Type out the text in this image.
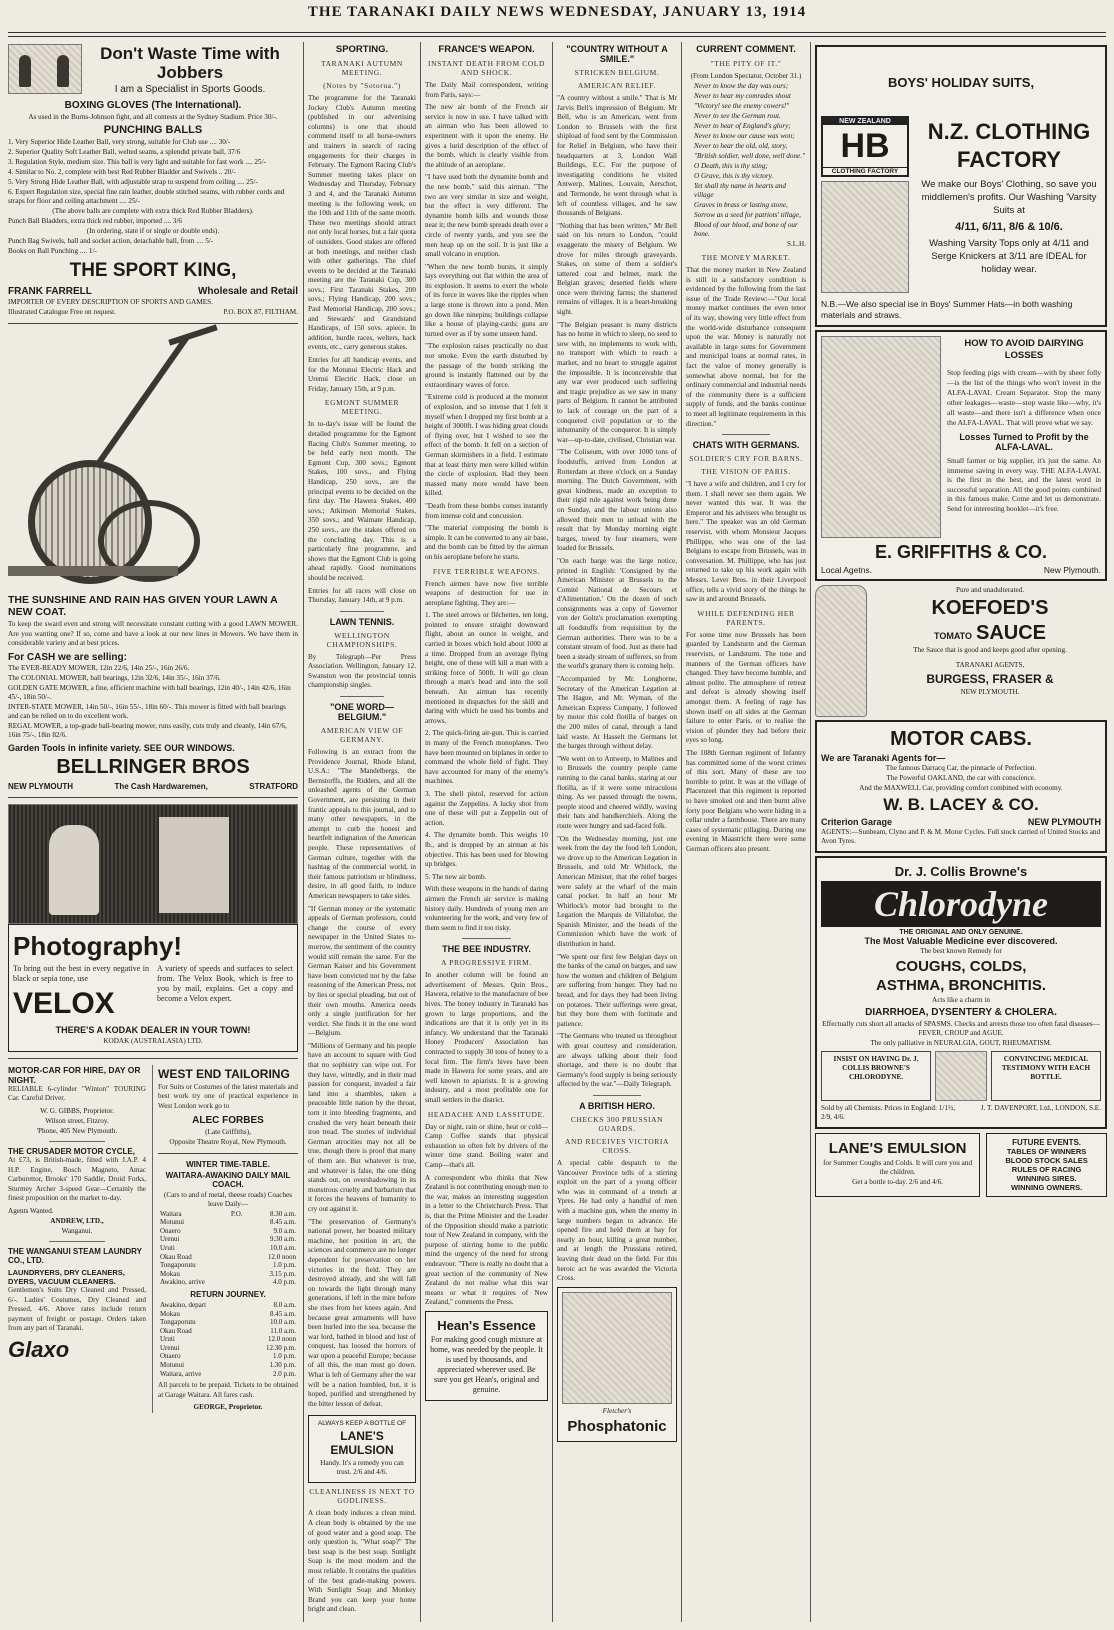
THE TARANAKI DAILY NEWS WEDNESDAY, JANUARY 13, 1914
Don't Waste Time with Jobbers
I am a Specialist in Sports Goods.
BOXING GLOVES (The International).
As used in the Burns-Johnson fight, and all contests at the Sydney Stadium. Price 30/-.
PUNCHING BALLS
1. Very Superior Hide Leather Ball, very strong, suitable for Club use .... 30/-
2. Superior Quality Soft Leather Ball, welted seams, a splendid private ball, 37/6
3. Regulation Style, medium size. This ball is very light and suitable for fast work .... 25/-
4. Similar to No. 2, complete with best Red Rubber Bladder and Swivels .. 20/-
5. Very Strong Hide Leather Ball, with adjustable strap to suspend from ceiling .... 25/-
6. Expert Regulation size, special fine rain leather, double stitched seams, with rubber cords and straps for floor and ceiling attachment .... 25/-
(The above balls are complete with extra thick Red Rubber Bladders).
Punch Ball Bladders, extra thick red rubber, imported .... 3/6
(In ordering, state if or single or double ends).
Punch Bag Swivels, ball and socket action, detachable ball, from .... 5/-
Books on Ball Punching .... 1/-
THE SPORT KING,
FRANK FARRELL	Wholesale and Retail
IMPORTER OF EVERY DESCRIPTION OF SPORTS AND GAMES.
Illustrated Catalogue Free on request.	P.O. BOX 87, FILTHAM.
THE SUNSHINE AND RAIN HAS GIVEN YOUR LAWN A NEW COAT.
To keep the sward even and strong will necessitate constant cutting with a good LAWN MOWER. Are you wanting one? If so, come and have a look at our new lines in Mowers. We have them in considerable variety and at best prices.
For CASH we are selling:
The EVER-READY MOWER, 12in 22/6, 14in 25/-, 16in 26/6.
The COLONIAL MOWER, ball bearings, 12in 32/6, 14in 35/-, 16in 37/6.
GOLDEN GATE MOWER, a fine, efficient machine with ball bearings, 12in 40/-, 14in 42/6, 16in 45/-, 18in 50/-.
INTER-STATE MOWER, 14in 50/-, 16in 55/-, 18in 60/-. This mower is fitted with ball bearings and can be relied on to do excellent work.
REGAL MOWER, a top-grade ball-bearing mower, runs easily, cuts truly and cleanly, 14in 67/6, 16in 75/-, 18in 82/6.
Garden Tools in infinite variety. SEE OUR WINDOWS.
BELLRINGER BROS
NEW PLYMOUTH	The Cash Hardwaremen,	STRATFORD
Photography!
To bring out the best in every negative in black or sepia tone, use
VELOX
A variety of speeds and surfaces to select from. The Velox Book, which is free to you by mail, explains. Get a copy and become a Velox expert.
THERE'S A KODAK DEALER IN YOUR TOWN!
KODAK (AUSTRALASIA) LTD.
MOTOR-CAR FOR HIRE, DAY OR NIGHT.
RELIABLE 6-cylinder "Winton" TOURING Car. Careful Driver.
W. G. GIBBS, Proprietor.
Wilson street, Fitzroy.
'Phone, 405 New Plymouth.
THE CRUSADER MOTOR CYCLE,
At £73, is British-made, fitted with J.A.P. 4 H.P. Engine, Bosch Magneto, Amac Carburettor, Brooks' 170 Saddle, Druid Forks, Sturmey Archer 3-speed Gear—Certainly the finest proposition on the market to-day.
Agents Wanted.
ANDREW, LTD.,
Wanganui.
THE WANGANUI STEAM LAUNDRY CO., LTD.
LAUNDRYERS, DRY CLEANERS, DYERS, VACUUM CLEANERS.
Gentlemen's Suits Dry Cleaned and Pressed, 6/-. Ladies' Costumes, Dry Cleaned and Pressed, 4/6. Above rates include return payment of freight or postage. Orders taken from any part of Taranaki.
Glaxo
WEST END TAILORING
For Suits or Costumes of the latest materials and best work try one of practical experience in West London work go to
ALEC FORBES
(Late Griffiths),
Opposite Theatre Royal, New Plymouth.
WINTER TIME-TABLE.
WAITARA-AWAKINO DAILY MAIL COACH.
(Cars to and of metal, theese roads) Coaches leave Daily—
Waitara	P.O.	8.30 a.m.
Motunui		8.45 a.m.
Onaero		9.0 a.m.
Urenui		9.30 a.m.
Uruti		10.0 a.m.
Okau Road		12.0 noon
Tongaporutu		1.0 p.m.
Mokau		3.15 p.m.
Awakino, arrive		4.0 p.m.
RETURN JOURNEY.
Awakino, depart		8.0 a.m.
Mokau		8.45 a.m.
Tongaporutu		10.0 a.m.
Okau Road		11.0 a.m.
Uruti		12.0 noon
Urenui		12.30 p.m.
Onaero		1.0 p.m.
Motunui		1.30 p.m.
Waitara, arrive		2.0 p.m.
All parcels to be prepaid. Tickets to be obtained at Garage Waitara. All fares cash.
GEORGE, Proprietor.
SPORTING.
TARANAKI AUTUMN MEETING.
(Notes by "Sotorua.")

The programme for the Taranaki Jockey Club's Autumn meeting (published in our advertising columns) is one that should commend itself to all horse-owners and trainers in search of racing engagements for their charges in February. The Egmont Racing Club's Summer meeting takes place on Wednesday and Thursday, February 3 and 4, and the Taranaki Autumn meeting is the following week, on the 10th and 11th of the same month. These two meetings should attract not only local horses, but a fair quota of outsiders. Good stakes are offered at both meetings, and neither clash with other gatherings. The chief events to be decided at the Taranaki meeting are the Taranaki Cup, 300 sovs.; First Taranaki Stakes, 200 sovs.; Flying Handicap, 200 sovs.; Paul Memorial Handicap, 200 sovs.; and Stewards' and Grandstand Handicaps, of 150 sovs. apiece. In addition, hurdle races, welters, hack events, etc., carry generous stakes.

Entries for all handicap events, and for the Motunui Electric Hack and Urenui Electric Hack, close on Friday, January 15th, at 9 p.m.

EGMONT SUMMER MEETING.

In to-day's issue will be found the detailed programme for the Egmont Racing Club's Summer meeting, to be held early next month. The Egmont Cup, 300 sovs.; Egmont Stakes, 100 sovs., and Flying Handicap, 250 sovs., are the principal events to be decided on the first day. The Hawera Stakes, 400 sovs.; Atkinson Memorial Stakes, 350 sovs.; and Waimate Handicap, 250 sovs., are the stakes offered on the concluding day. This is a particularly fine programme, and shows that the Egmont Club is going ahead rapidly. Good nominations should be received.

Entries for all races will close on Thursday, January 14th, at 9 p.m.

LAWN TENNIS.
WELLINGTON CHAMPIONSHIPS.

By Telegraph—Per Press Association. Wellington, January 12. Swanston won the provincial tennis championship singles.

"ONE WORD—BELGIUM."
AMERICAN VIEW OF GERMANY.

Following is an extract from the Providence Journal, Rhode Island, U.S.A.: "The Mandelbergs, the Bernstorffs, the Ridders, and all the unleashed agents of the German Government, are persisting in their frantic appeals to this journal, and to many other newspapers, in the attempt to curb the honest and heartfelt indignation of the American people. These representatives of German culture, together with the hashtag of the commercial world, in their famous patriotism or blindness, desire, in all good faith, to induce American newspapers to take sides.

"If German money or the systematic appeals of German professors, could change the course of every newspaper in the United States to-morrow, the sentiment of the country would still remain the same. For the German Kaiser and his Government have been convicted not by the false reasoning of the American Press, not by lies or special pleading, but out of their own mouths. America needs only a single justification for her verdict. She finds it in the one word—Belgium.

"Millions of Germany and his people have an account to square with God that no sophistry can wipe out. For they have, wittedly, and in their mad passion for conquest, invaded a fair land into a shambles, taken a peaceable little nation by the throat, torn it into bleeding fragments, and crushed the very heart beneath their iron tread. The stories of individual German atrocities may not all be true, though there is proof that many of them are. But whatever is true, and whatever is false, the one thing stands out, on overshadowing in its monstrous cruelty and barbarism that it forces the heavens of humanity to cry out against it.

"The preservation of Germany's national power, her boasted military machine, her position in art, the sciences and commerce are no longer dependent for preservation on her victories in the field. They are destroyed already, and she will fall on towards the light through many generations, if left in the mire before she rises from her knees again. And because great armaments will have been hurled into the sea, because the war lord, bathed in blood and lust of conquest, has loosed the horrors of war upon a peaceful Europe; because of all this, the man must go down. What is left of Germany after the war will be a nation humbled, but, it is hoped, purified and strengthened by the bitter lesson of defeat.

ALWAYS KEEP A BOTTLE OF
LANE'S EMULSION
Handy. It's a remedy you can trust. 2/6 and 4/6.
CLEANLINESS IS NEXT TO GODLINESS.

A clean body induces a clean mind. A clean body is obtained by the use of good water and a good soap. The only question is, "What soap?" The best soap is the best soap. Sunlight Soap is the most modern and the most reliable. It contains the qualities of the best grade-making powers. With Sunlight Soap and Monkey Brand you can keep your home bright and clean.

FRANCE'S WEAPON.
INSTANT DEATH FROM COLD AND SHOCK.

The Daily Mail correspondent, writing from Paris, says:—

The new air bomb of the French air service is now in use. I have talked with an airman who has been allowed to experiment with it upon the enemy. He gives a lurid description of the effect of the bomb, which is clearly visible from the altitude of an aeroplane.

"I have used both the dynamite bomb and the new bomb," said this airman. "The two are very similar in size and weight, but the effect is very different. The dynamite bomb kills and wounds those near it; the new bomb spreads death over a circle of twenty yards, and you see the men heap up on the soil. It is just like a small volcano in eruption.

"When the new bomb bursts, it simply lays everything out flat within the area of its explosion. It seems to exert the whole of its force in waves like the ripples when a large stone is thrown into a pond. Men go down like ninepins; buildings collapse like a house of playing-cards; guns are turned over as if by some unseen hand.

"The explosion raises practically no dust nor smoke. Even the earth disturbed by the passage of the bomb striking the ground is instantly flattened out by the extraordinary waves of force.

"Extreme cold is produced at the moment of explosion, and so intense that I felt it myself when I dropped my first bomb at a height of 3000ft. I was hiding great clouds of flying over, but I wished to see the effect of the bomb. It fell on a section of German skirmishers in a field. I estimate that at least thirty men were killed within the circle of explosion. Had they been massed many more would have been killed.

"Death from these bombs comes instantly from intense cold and concussion.

"The material composing the bomb is simple. It can be converted to any air base, and the bomb can be fitted by the airman on his aeroplane before he starts.

FIVE TERRIBLE WEAPONS.

French airmen have now five terrible weapons of destruction for use in aeroplane fighting. They are:—

1. The steel arrows or fléchettes, ten long, pointed to ensure straight downward flight, about an ounce in weight, and carried in boxes which hold about 1000 at a time. Dropped from an average flying height, one of these will kill a man with a striking force of 500ft. It will go clean through a man's head and into the soil beneath. An airman has recently mentioned in dispatches for the skill and daring with which he used his bombs and arrows.

2. The quick-firing air-gun. This is carried in many of the French monoplanes. Two have been mounted on biplanes in order to command the whole field of fight. They have accounted for many of the enemy's machines.

3. The shell pistol, reserved for action against the Zeppelins. A lucky shot from one of these will put a Zeppelin out of action.

4. The dynamite bomb. This weighs 10 lb., and is dropped by an airman at his objective. This has been used for blowing up bridges.

5. The new air bomb.

With these weapons in the hands of daring airmen the French air service is making history daily. Hundreds of young men are volunteering for the work, and very few of them seem to find it too risky.

THE BEE INDUSTRY.
A PROGRESSIVE FIRM.

In another column will be found an advertisement of Messrs. Quin Bros., Hawera, relative to the manufacture of bee hives. The honey industry in Taranaki has grown to large proportions, and the indications are that it is only yet in its infancy. We understand that the Taranaki Honey Producers' Association has contracted to supply 30 tons of honey to a local firm. The firm's hives have been made in Hawera for some years, and are well known to apiarists. It is a growing industry, and a most profitable one for small settlers in the district.

HEADACHE AND LASSITUDE.

Day or night, rain or shine, heat or cold—Camp Coffee stands that physical exhaustion so often felt by drivers of the winter time stand. Boiling water and Camp—that's all.

A correspondent who thinks that New Zealand is not contributing enough men to the war, makes an interesting suggestion in a letter to the Christchurch Press. That is, that the Prime Minister and the Leader of the Opposition should make a patriotic tour of New Zealand in company, with the purpose of stirring home to the public mind the urgency of the need for strong endeavour. "There is really no doubt that a great section of the community of New Zealand do not realise what this war means or what it requires of New Zealand," comments the Press.

Hean's Essence
For making good cough mixture at home, was needed by the people. It is used by thousands, and appreciated wherever used. Be sure you get Hean's, original and genuine.
"COUNTRY WITHOUT A SMILE."
STRICKEN BELGIUM.
AMERICAN RELIEF.

"A country without a smile." That is Mr Jarvis Bell's impression of Belgium. Mr Bell, who is an American, went from London to Brussels with the first shipload of food sent by the Commission for Relief in Belgium, who have their headquarters at 3, London Wall Buildings, E.C. For the purpose of investigating conditions he visited Antwerp, Malines, Louvain, Aerschot, and Termonde, he went through what is left of countless villages, and he saw thousands of Belgians.

"Nothing that has been written," Mr Bell said on his return to London, "could exaggerate the misery of Belgium. We drove for miles through graveyards. Stakes, on some of them a soldier's tattered coat and helmet, mark the Belgian graves; deserted fields where once were thriving farms; the shattered remains of villages. It is a heart-breaking sight.

"The Belgian peasant is many districts has no home in which to sleep, no seed to sow with, no implements to work with, no transport with which to reach a market, and no heart to struggle against the impossible. It is inconceivable that any war ever produced such suffering and tragic prejudice as we saw in many parts of Belgium. It cannot be attributed to lack of courage on the part of a conquered civil population or to the inhumanity of the conqueror. It is simply war—up-to-date, civilised, Christian war.

"The Coliseum, with over 1000 tons of foodstuffs, arrived from London at Rotterdam at three o'clock on a Sunday morning. The Dutch Government, with great kindness, made an exception to their rigid rule against work being done on Sunday, and the labour unions also allowed their men to unload with the result that by Monday morning eight barges, towed by four steamers, were loaded for Brussels.

"On each barge was the large notice, printed in English: 'Consigned by the American Minister at Brussels to the Comité National de Secours et d'Alimentation.' On the dozen of such consignments was a copy of Governor von der Goltz's proclamation exempting all foodstuffs from requisition by the German authorities. There was to be a constant stream of food. Just as there had been a steady stream of sufferers, so from the world's granary there is coming help.

"Accompanied by Mr. Longhorne, Secretary of the American Legation at The Hague, and Mr. Wyman, of the American Express Company, I followed by motor this cold flotilla of barges on the 200 miles of canal, through a land laid waste. At Hasselt the Germans let the barges through without delay.

"We went on to Antwerp, to Malines and to Brussels the country people came running to the canal banks, staring at our flotilla, as if it were some miraculous thing. As we passed through the towns, people stood and cheered wildly, waving their hats and handkerchiefs. Along the route were hungry and sad-faced folk.

"On the Wednesday morning, just one week from the day the food left London, we drove up to the American Legation in Brussels, and told Mr Whitlock, the American Minister, that the relief barges were safely at the wharf of the main canal pocket. In half an hour Mr Whitlock's motor had brought to the Legation the Marquis de Villalobar, the Spanish Minister, and the heads of the Commission which have the work of distribution in hand.

"We spent our first few Belgian days on the banks of the canal on barges, and saw how the women and children of Belgium are suffering from hunger. They had no bread, and for days they had been living on potatoes. Their sufferings were great, but they bore them with fortitude and patience.

"The Germans who treated us throughout with great courtesy and consideration, are always talking about their food shortage, and there is no doubt that Germany's food supply is being seriously affected by the war."—Daily Telegraph.

A BRITISH HERO.
CHECKS 300 PRUSSIAN GUARDS.
AND RECEIVES VICTORIA CROSS.

A special cable despatch to the Vancouver Province tells of a stirring exploit on the part of a young officer who was in command of a trench at Ypres. He had only a handful of men with a machine gun, when the enemy in large numbers began to advance. He opened fire and held them at bay for nearly an hour, killing a great number, and at length the Prussians retired, leaving their dead on the field. For this heroic act he was awarded the Victoria Cross.

Fletcher's
Phosphatonic
CURRENT COMMENT.
"THE PITY OF IT."
(From London Spectator, October 31.)
Never to know the day was ours;
Never to hear my comrades shout
"Victory! see the enemy cowers!"
Never to see the German rout.
Never to hear of England's glory;
Never to know our cause was won;
Never to hear the old, old, story,
"British soldier, well done, well done."
O Death, this is thy sting;
O Grave, this is thy victory.
Yet shall thy name in hearts and village
Graves in brass or lasting stone,
Sorrow as a seed for patriots' tillage,
Blood of our blood, and bone of our bone.
S.L.H.
THE MONEY MARKET.

That the money market in New Zealand is still in a satisfactory condition is evidenced by the following from the last issue of the Trade Review:—"Our local money market continues the even tenor of its way, showing very little effect from the world-wide disturbance consequent upon the war. Money is naturally not available in large sums for Government and municipal loans at normal rates, in fact the value of money generally is somewhat above normal, but for the ordinary commercial and industrial needs of the community there is a sufficient supply of funds, and the banks continue to meet all legitimate requirements in this direction."

CHATS WITH GERMANS.
SOLDIER'S CRY FOR BARNS.
THE VISION OF PARIS.

"I have a wife and children, and I cry for them. I shall never see them again. We never wanted this war. It was the Emperor and his advisers who brought us here." The speaker was an old German reservist, with whom Monsieur Jacques Phillippe, who was one of the last Belgians to escape from Brussels, was in conversation. M. Phillippe, who has just returned to take up his work again with Messrs. Lever Bros. in their Liverpool office, tells a vivid story of the things he saw in and around Brussels.

WHILE DEFENDING HER PARENTS.

For some time now Brussels has been guarded by Landsturm and the German reservists, or Landsturm. The tone and manners of the German officers have changed. They have become humble, and almost polite. The atmosphere of retreat and defeat is already showing itself amongst them. A feeling of rage has shown itself on all sides at the German failure to enter Paris, or to realise the vision of plunder they had before their eyes so long.

The 108th German regiment of Infantry has committed some of the worst crimes of this sort. Many of these are too horrible to print. It was at the village of Placenzeel that this regiment is reported to have smoked out and then burnt alive forty poor Belgians who were hiding in a cellar under a farmhouse. There are many cases of systematic pillaging. During one evening in Maastricht there were some German officers also present.

BOYS' HOLIDAY SUITS,
NEW ZEALAND
HB
CLOTHING FACTORY
N.Z. CLOTHING FACTORY
We make our Boys' Clothing, so save you middlemen's profits. Our Washing 'Varsity Suits at
4/11, 6/11, 8/6 & 10/6.
Washing Varsity Tops only at 4/11 and Serge Knickers at 3/11 are IDEAL for holiday wear.
N.B.—We also special ise in Boys' Summer Hats—in both washing materials and straws.
HOW TO AVOID DAIRYING LOSSES
Stop feeding pigs with cream—with by sheer folly—is the list of the things who won't invest in the ALFA-LAVAL Cream Separator. Stop the many other leakages—waste—stop waste like—why, it's all waste—and there isn't a difference when once the ALFA-LAVAL. That will prove what we say.
Losses Turned to Profit by the ALFA-LAVAL.
Small farmer or big supplier, it's just the same. An immense saving in every way. THE ALFA-LAVAL is the first in the best, and the latest word in successful separation. All the good points combined in this famous make. Come and let us demonstrate. Send for interesting booklet—it's free.
E. GRIFFITHS & CO.
Local Agetns.	New Plymouth.
Pure and unadulterated.
KOEFOED'S
TOMATO SAUCE
The Sauce that is good and keeps good after opening.
TARANAKI AGENTS,
BURGESS, FRASER &
NEW PLYMOUTH.
MOTOR CABS.
We are Taranaki Agents for—
The famous Darracq Car, the pinnacle of Perfection.
The Powerful OAKLAND, the car with conscience.
And the MAXWELL Car, providing comfort combined with economy.
W. B. LACEY & CO.
Criterion Garage	NEW PLYMOUTH
AGENTS:—Sunbeam, Clyno and P. & M. Motor Cycles. Full stock carried of United Stocks and Avon Tyres.
Dr. J. Collis Browne's
Chlorodyne
THE ORIGINAL AND ONLY GENUINE.
The Most Valuable Medicine ever discovered.
The best known Remedy for
COUGHS, COLDS,
ASTHMA, BRONCHITIS.
Acts like a charm in
DIARRHOEA, DYSENTERY & CHOLERA.
Effectually cuts short all attacks of SPASMS. Checks and arrests those too often fatal diseases—FEVER, CROUP and AGUE.
The only palliative in NEURALGIA, GOUT, RHEUMATISM.
INSIST ON HAVING Dr. J. COLLIS BROWNE'S CHLORODYNE.
CONVINCING MEDICAL TESTIMONY WITH EACH BOTTLE.
Sold by all Chemists. Prices in England: 1/1½, 2/9, 4/6.
J. T. DAVENPORT, Ltd., LONDON, S.E.
LANE'S EMULSION
for Summer Coughs and Colds. It will cure you and the children.
Get a bottle to-day. 2/6 and 4/6.
FUTURE EVENTS.
TABLES OF WINNERS
BLOOD STOCK SALES
RULES OF RACING
WINNING SIRES.
WINNING OWNERS.
